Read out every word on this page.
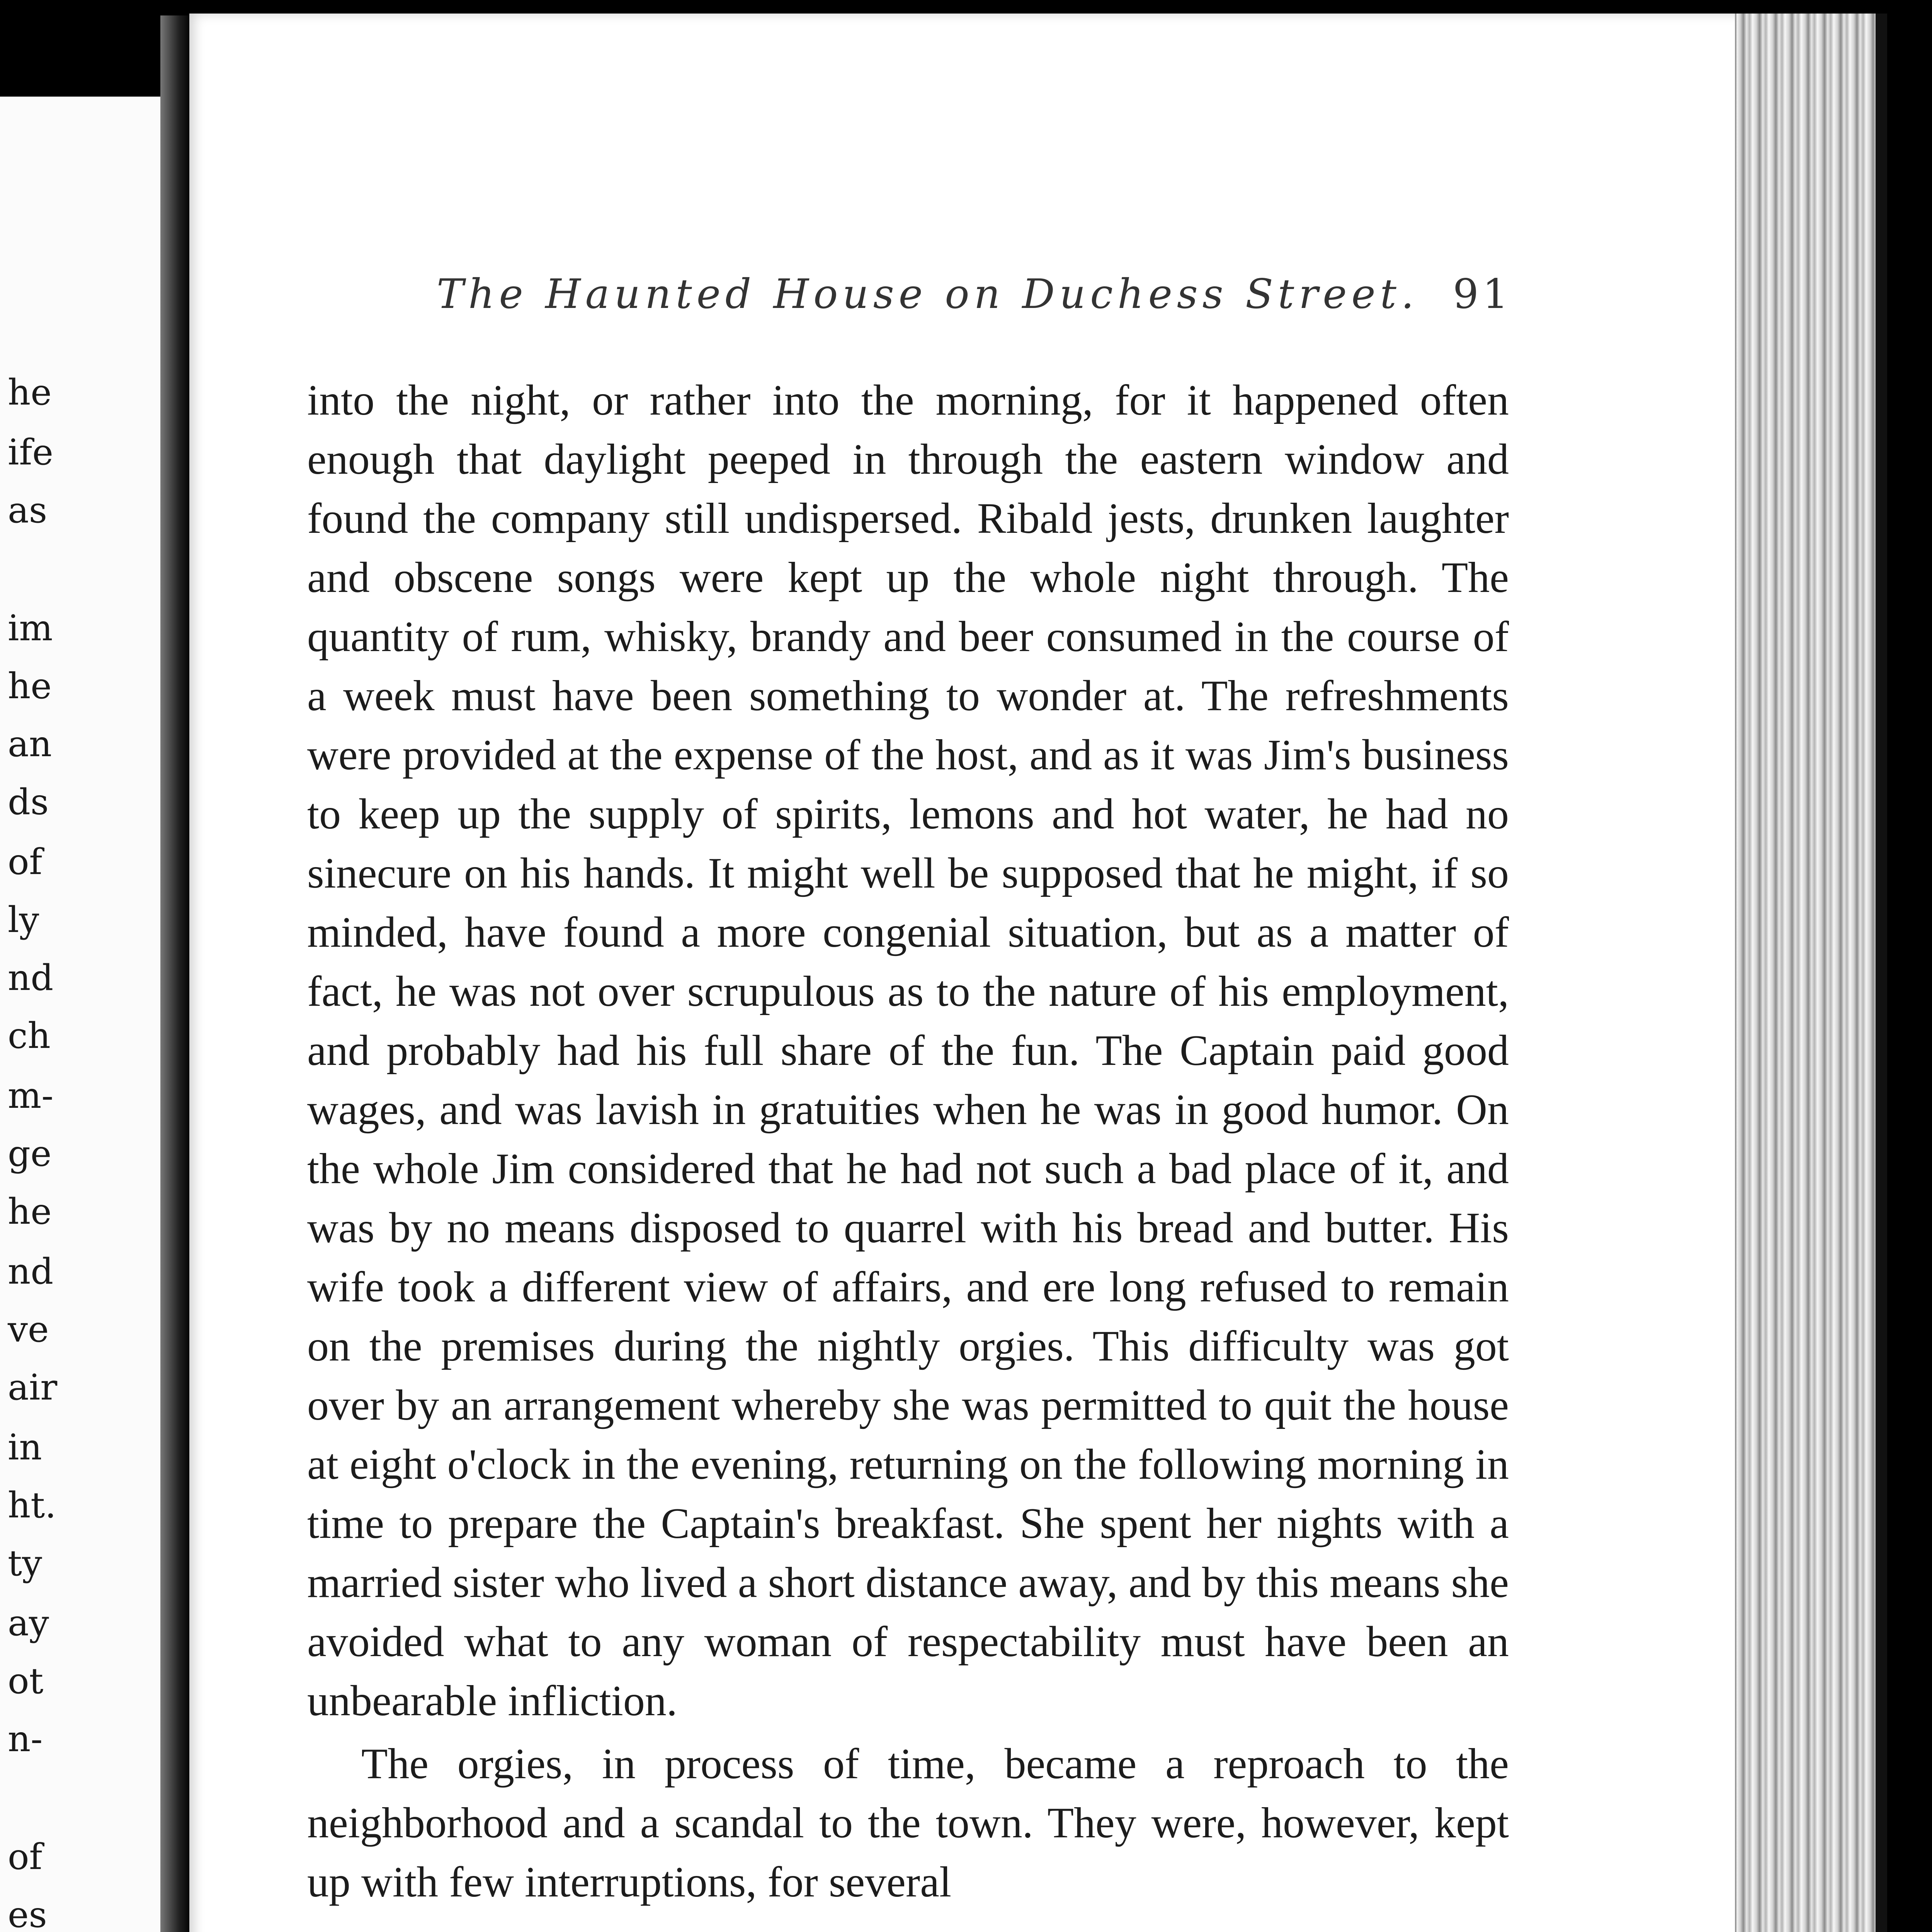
he
ife
as
im
he
an
ds
of
ly
nd
ch
m-
ge
he
nd
ve
air
in
ht.
ty
ay
ot
n-
of
es
The Haunted House on Duchess Street. 91

into the night, or rather into the morning, for it happened often enough that daylight peeped in through the eastern window and found the company still undispersed. Ribald jests, drunken laughter and obscene songs were kept up the whole night through. The quantity of rum, whisky, brandy and beer consumed in the course of a week must have been something to wonder at. The refreshments were provided at the expense of the host, and as it was Jim's business to keep up the supply of spirits, lemons and hot water, he had no sinecure on his hands. It might well be supposed that he might, if so minded, have found a more congenial situation, but as a matter of fact, he was not over scrupulous as to the nature of his employment, and probably had his full share of the fun. The Captain paid good wages, and was lavish in gratuities when he was in good humor. On the whole Jim considered that he had not such a bad place of it, and was by no means disposed to quarrel with his bread and butter. His wife took a different view of affairs, and ere long refused to remain on the premises during the nightly orgies. This difficulty was got over by an arrangement whereby she was permitted to quit the house at eight o'clock in the evening, returning on the following morning in time to prepare the Captain's breakfast. She spent her nights with a married sister who lived a short distance away, and by this means she avoided what to any woman of respectability must have been an unbearable infliction.

The orgies, in process of time, became a reproach to the neighborhood and a scandal to the town. They were, however, kept up with few interruptions, for several
